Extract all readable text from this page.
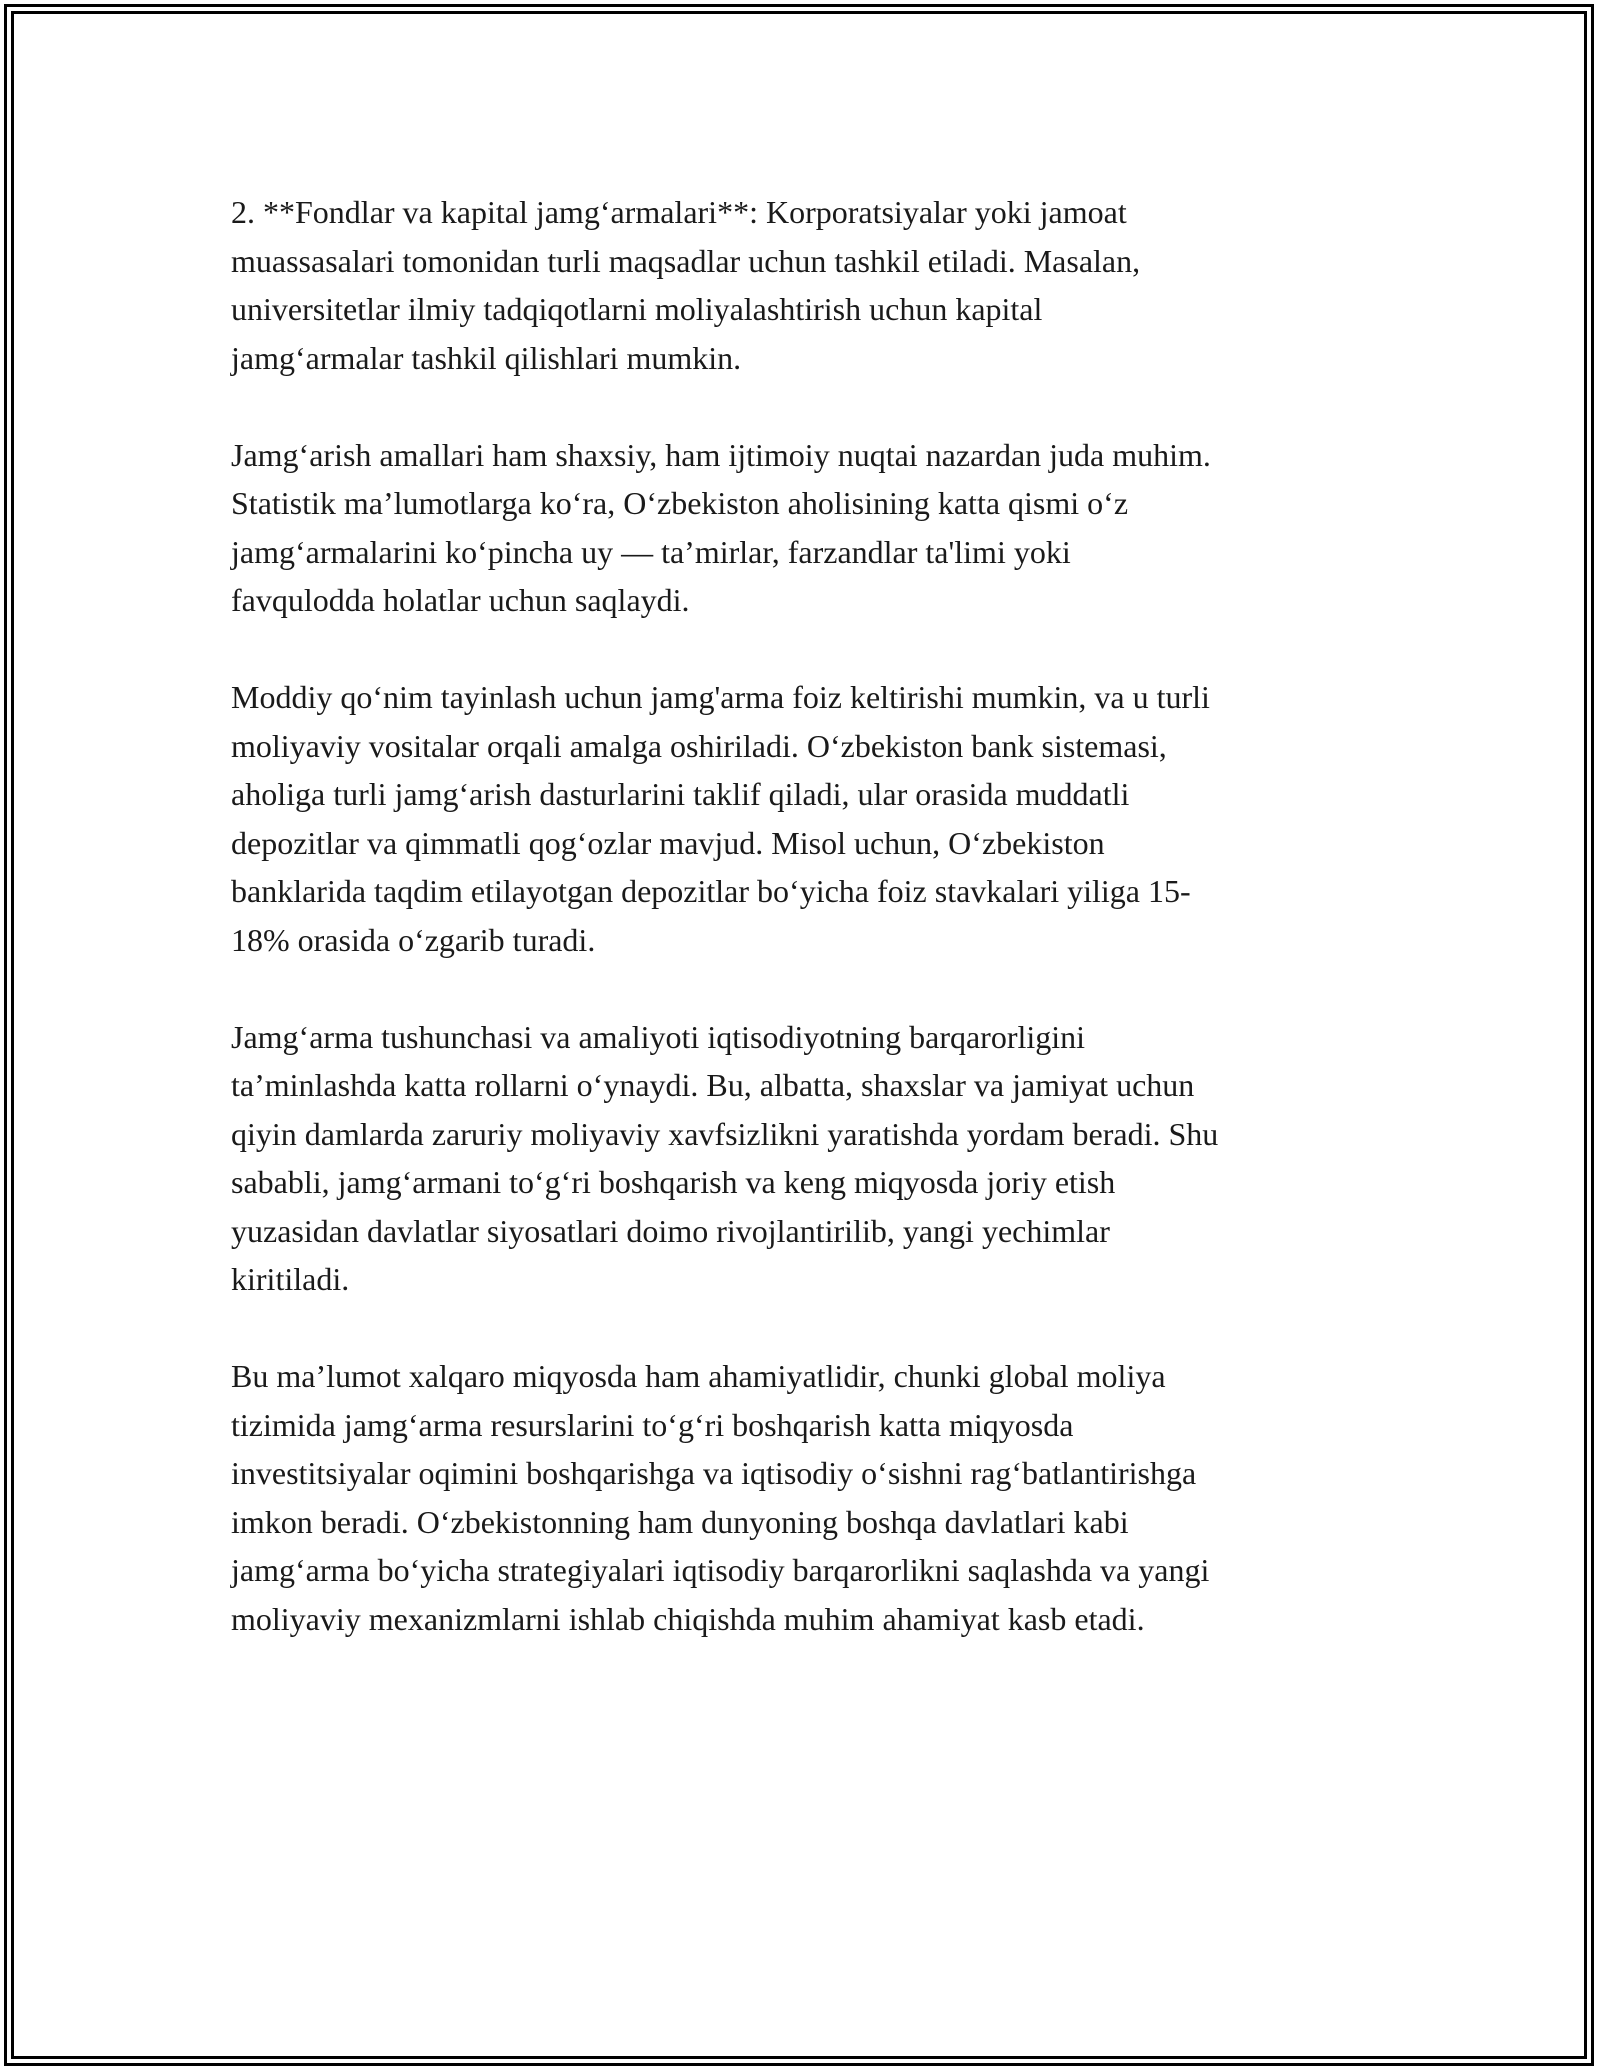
2. **Fondlar va kapital jamg‘armalari**: Korporatsiyalar yoki jamoat
muassasalari tomonidan turli maqsadlar uchun tashkil etiladi. Masalan,
universitetlar ilmiy tadqiqotlarni moliyalashtirish uchun kapital
jamg‘armalar tashkil qilishlari mumkin.

Jamg‘arish amallari ham shaxsiy, ham ijtimoiy nuqtai nazardan juda muhim.
Statistik ma’lumotlarga ko‘ra, O‘zbekiston aholisining katta qismi o‘z
jamg‘armalarini ko‘pincha uy — ta’mirlar, farzandlar ta'limi yoki
favqulodda holatlar uchun saqlaydi.

Moddiy qo‘nim tayinlash uchun jamg'arma foiz keltirishi mumkin, va u turli
moliyaviy vositalar orqali amalga oshiriladi. O‘zbekiston bank sistemasi,
aholiga turli jamg‘arish dasturlarini taklif qiladi, ular orasida muddatli
depozitlar va qimmatli qog‘ozlar mavjud. Misol uchun, O‘zbekiston
banklarida taqdim etilayotgan depozitlar bo‘yicha foiz stavkalari yiliga 15-
18% orasida o‘zgarib turadi.

Jamg‘arma tushunchasi va amaliyoti iqtisodiyotning barqarorligini
ta’minlashda katta rollarni o‘ynaydi. Bu, albatta, shaxslar va jamiyat uchun
qiyin damlarda zaruriy moliyaviy xavfsizlikni yaratishda yordam beradi. Shu
sababli, jamg‘armani to‘g‘ri boshqarish va keng miqyosda joriy etish
yuzasidan davlatlar siyosatlari doimo rivojlantirilib, yangi yechimlar
kiritiladi.

Bu ma’lumot xalqaro miqyosda ham ahamiyatlidir, chunki global moliya
tizimida jamg‘arma resurslarini to‘g‘ri boshqarish katta miqyosda
investitsiyalar oqimini boshqarishga va iqtisodiy o‘sishni rag‘batlantirishga
imkon beradi. O‘zbekistonning ham dunyoning boshqa davlatlari kabi
jamg‘arma bo‘yicha strategiyalari iqtisodiy barqarorlikni saqlashda va yangi
moliyaviy mexanizmlarni ishlab chiqishda muhim ahamiyat kasb etadi.
